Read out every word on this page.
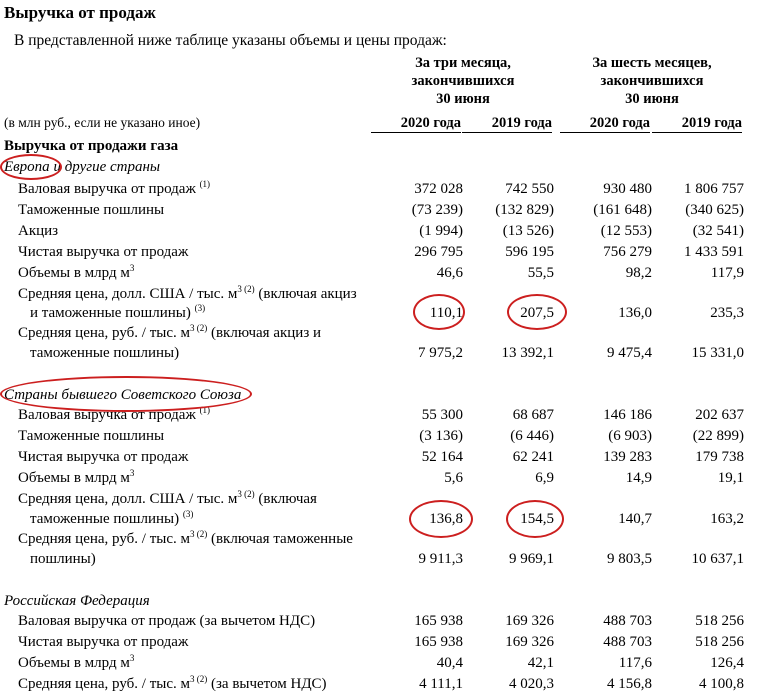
Выручка от продаж
В представленной ниже таблице указаны объемы и цены продаж:
За три месяца,
закончившихся
30 июня
За шесть месяцев,
закончившихся
30 июня
(в млн руб., если не указано иное)	2020 года	2019 года	2020 года	2019 года
Выручка от продажи газа
Европа и другие страны
Валовая выручка от продаж $^{(1)}$	372 028	742 550	930 480	1 806 757
Таможенные пошлины	(73 239)	(132 829)	(161 648)	(340 625)
Акциз	(1 994)	(13 526)	(12 553)	(32 541)
Чистая выручка от продаж	296 795	596 195	756 279	1 433 591
Объемы в млрд $м^3$	46,6	55,5	98,2	117,9
Средняя цена, долл. США / тыс. $м^{3 (2)}$ (включая акциз
и таможенные пошлины) $^{(3)}$	110,1	207,5	136,0	235,3
Средняя цена, руб. / тыс. $м^{3 (2)}$ (включая акциз и
таможенные пошлины)	7 975,2	13 392,1	9 475,4	15 331,0
Страны бывшего Советского Союза
Валовая выручка от продаж $^{(1)}$	55 300	68 687	146 186	202 637
Таможенные пошлины	(3 136)	(6 446)	(6 903)	(22 899)
Чистая выручка от продаж	52 164	62 241	139 283	179 738
Объемы в млрд $м^3$	5,6	6,9	14,9	19,1
Средняя цена, долл. США / тыс. $м^{3 (2)}$ (включая
таможенные пошлины) $^{(3)}$	136,8	154,5	140,7	163,2
Средняя цена, руб. / тыс. $м^{3 (2)}$ (включая таможенные
пошлины)	9 911,3	9 969,1	9 803,5	10 637,1
Российская Федерация
Валовая выручка от продаж (за вычетом НДС)	165 938	169 326	488 703	518 256
Чистая выручка от продаж	165 938	169 326	488 703	518 256
Объемы в млрд $м^3$	40,4	42,1	117,6	126,4
Средняя цена, руб. / тыс. $м^{3 (2)}$ (за вычетом НДС)	4 111,1	4 020,3	4 156,8	4 100,8
